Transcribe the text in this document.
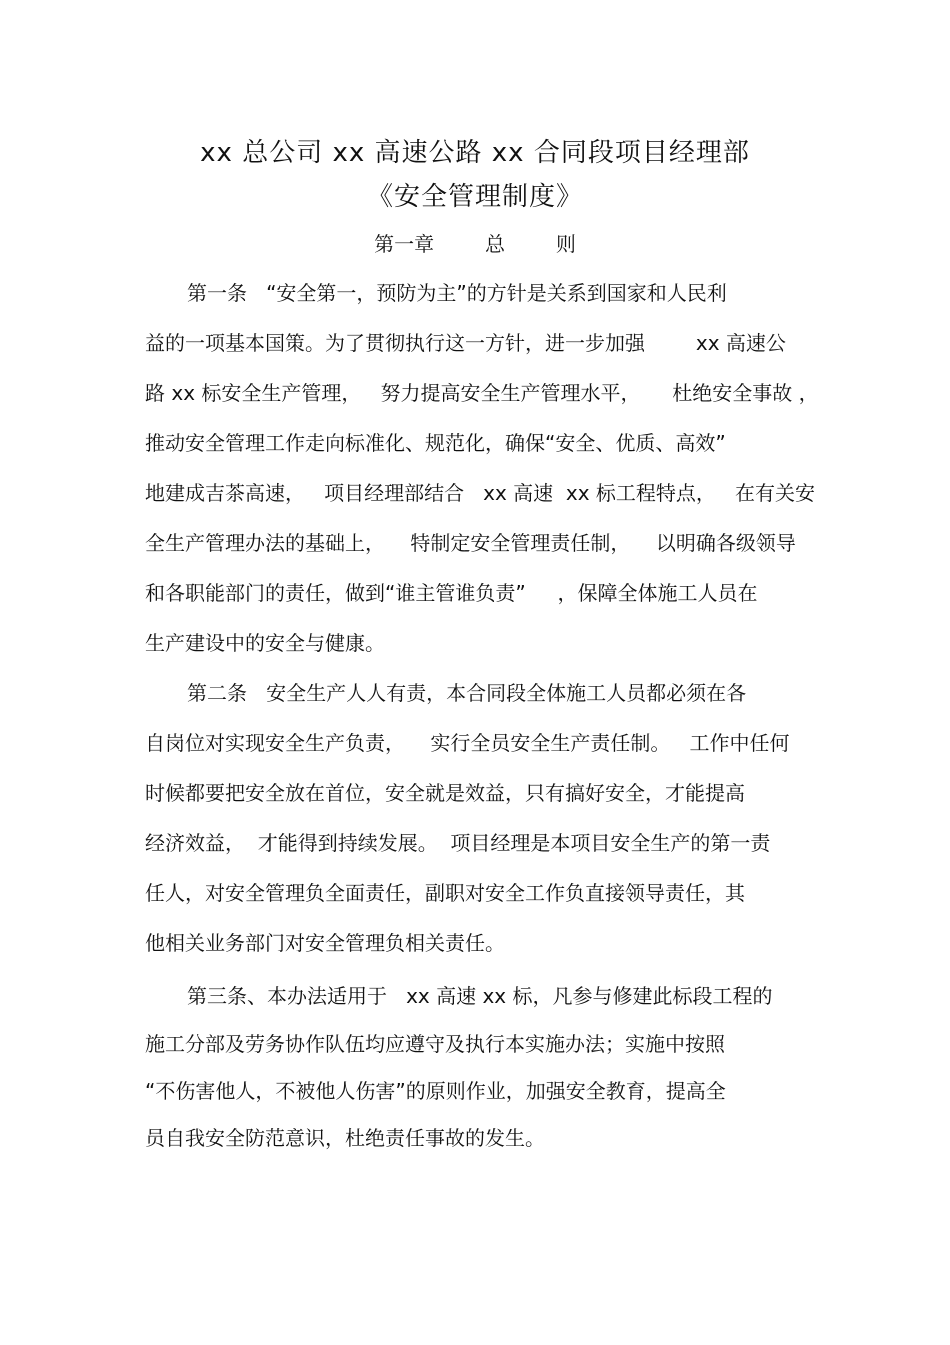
xx 总公司 xx 高速公路 xx 合同段项目经理部
《安全管理制度》
第一章        总        则
第一条   “安全第一，预防为主”的方针是关系到国家和人民利
益的一项基本国策。为了贯彻执行这一方针，进一步加强        xx 高速公
路 xx 标安全生产管理，   努力提高安全生产管理水平，     杜绝安全事故 ，
推动安全管理工作走向标准化、规范化，确保“安全、优质、高效”
地建成吉茶高速，   项目经理部结合   xx 高速  xx 标工程特点，   在有关安
全生产管理办法的基础上，    特制定安全管理责任制，    以明确各级领导
和各职能部门的责任，做到“谁主管谁负责”     ，保障全体施工人员在
生产建设中的安全与健康。
第二条   安全生产人人有责，本合同段全体施工人员都必须在各
自岗位对实现安全生产负责，    实行全员安全生产责任制。   工作中任何
时候都要把安全放在首位，安全就是效益，只有搞好安全，才能提高
经济效益，  才能得到持续发展。  项目经理是本项目安全生产的第一责
任人，对安全管理负全面责任，副职对安全工作负直接领导责任，其
他相关业务部门对安全管理负相关责任。
第三条、本办法适用于   xx 高速 xx 标，凡参与修建此标段工程的
施工分部及劳务协作队伍均应遵守及执行本实施办法；实施中按照
“不伤害他人，不被他人伤害”的原则作业，加强安全教育，提高全
员自我安全防范意识，杜绝责任事故的发生。
